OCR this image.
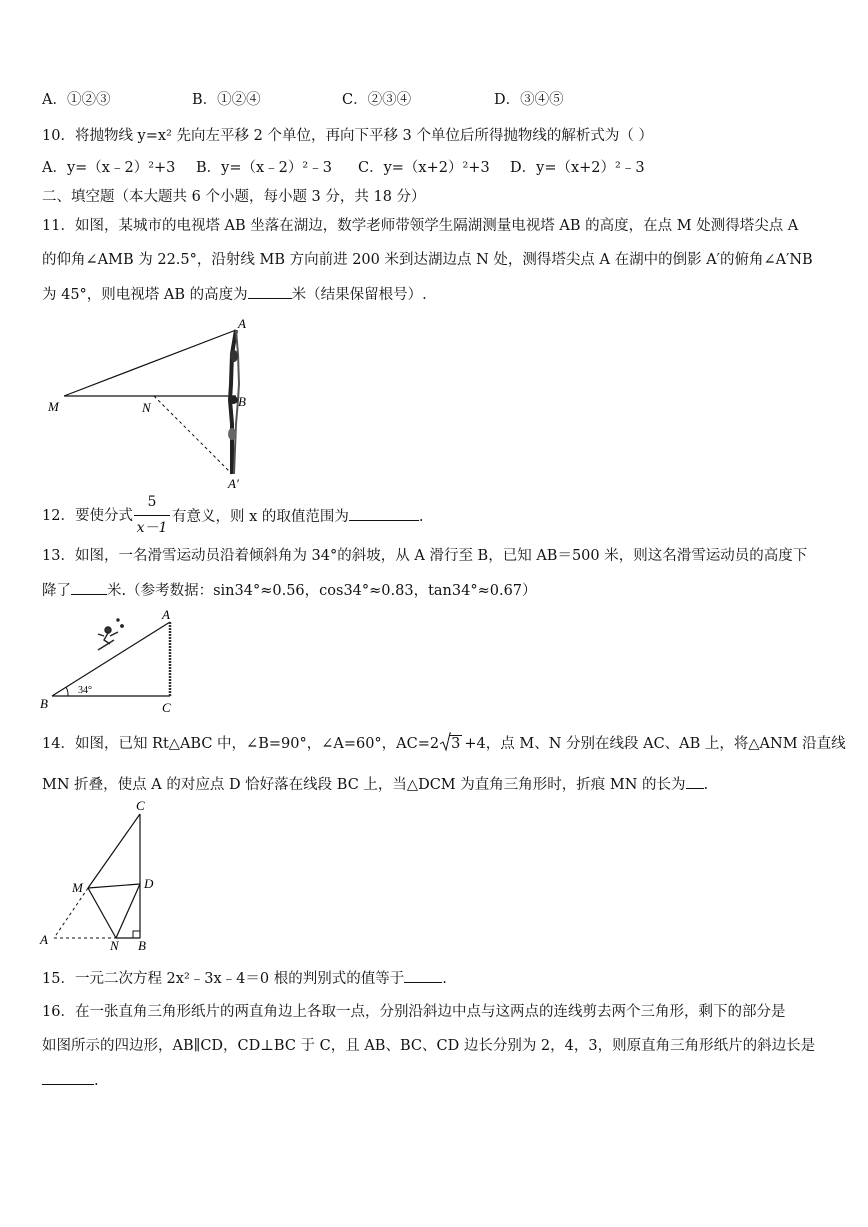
A．①②③	B．①②④	C．②③④	D．③④⑤
10．将抛物线 y=x² 先向左平移 2 个单位，再向下平移 3 个单位后所得抛物线的解析式为（ ）
A．y=（x﹣2）²+3 B．y=（x﹣2）²﹣3 C．y=（x+2）²+3 D．y=（x+2）²﹣3
二、填空题（本大题共 6 个小题，每小题 3 分，共 18 分）
11．如图，某城市的电视塔 AB 坐落在湖边，数学老师带领学生隔湖测量电视塔 AB 的高度，在点 M 处测得塔尖点 A
的仰角∠AMB 为 22.5°，沿射线 MB 方向前进 200 米到达湖边点 N 处，测得塔尖点 A 在湖中的倒影 A′的俯角∠A′NB
为 45°，则电视塔 AB 的高度为	米（结果保留根号）.
A
M	N	B
A′
12．要使分式
5
x－1
有意义，则 x 的取值范围为	.
13．如图，一名滑雪运动员沿着倾斜角为 34°的斜坡，从 A 滑行至 B，已知 AB＝500 米，则这名滑雪运动员的高度下
降了 米.（参考数据：sin34°≈0.56，cos34°≈0.83，tan34°≈0.67）
A
B	C
34°
14．如图，已知 Rt△ABC 中，∠B=90°，∠A=60°，AC=2 3 +4，点 M、N 分别在线段 AC、AB 上，将△ANM 沿直线
MN 折叠，使点 A 的对应点 D 恰好落在线段 BC 上，当△DCM 为直角三角形时，折痕 MN 的长为 .
C
M	D
A	N B
15．一元二次方程 2x²﹣3x﹣4＝0 根的判别式的值等于	.
16．在一张直角三角形纸片的两直角边上各取一点，分别沿斜边中点与这两点的连线剪去两个三角形，剩下的部分是
如图所示的四边形，AB∥CD，CD⊥BC 于 C，且 AB、BC、CD 边长分别为 2，4，3，则原直角三角形纸片的斜边长是
.
